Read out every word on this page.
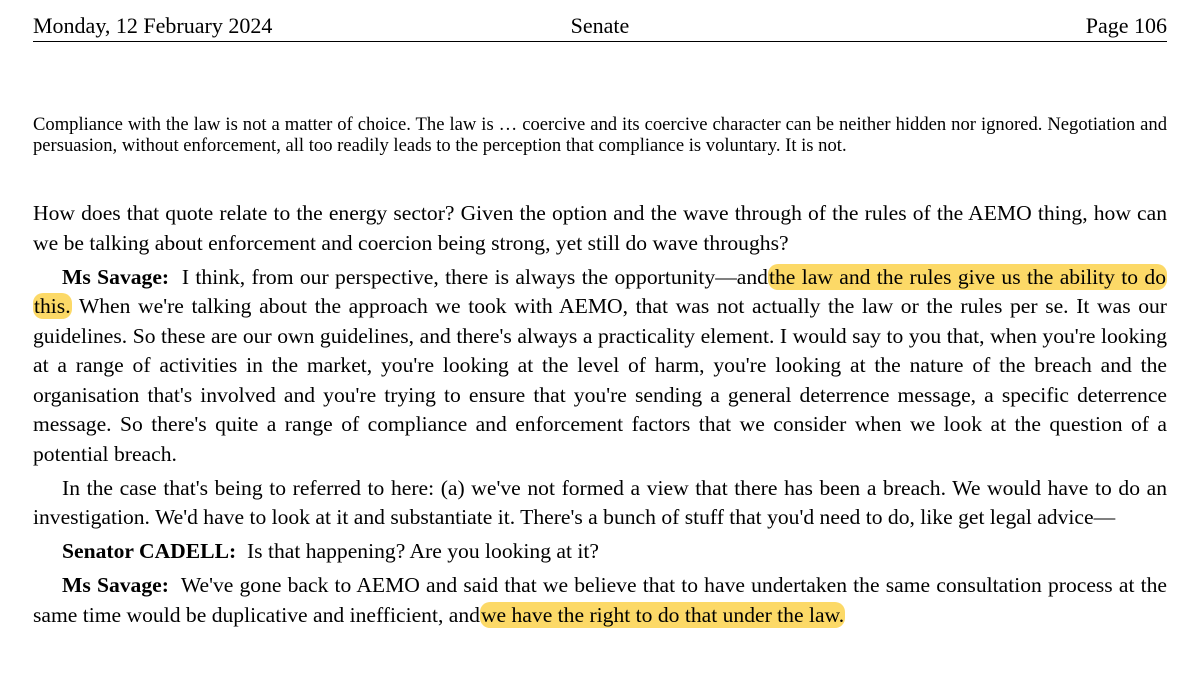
Monday, 12 February 2024	Senate	Page 106

Compliance with the law is not a matter of choice. The law is … coercive and its coercive character can be neither hidden nor ignored. Negotiation and persuasion, without enforcement, all too readily leads to the perception that compliance is voluntary. It is not.

How does that quote relate to the energy sector? Given the option and the wave through of the rules of the AEMO thing, how can we be talking about enforcement and coercion being strong, yet still do wave throughs?

Ms Savage: I think, from our perspective, there is always the opportunity—andthe law and the rules give us the ability to do this. When we're talking about the approach we took with AEMO, that was not actually the law or the rules per se. It was our guidelines. So these are our own guidelines, and there's always a practicality element. I would say to you that, when you're looking at a range of activities in the market, you're looking at the level of harm, you're looking at the nature of the breach and the organisation that's involved and you're trying to ensure that you're sending a general deterrence message, a specific deterrence message. So there's quite a range of compliance and enforcement factors that we consider when we look at the question of a potential breach.

In the case that's being to referred to here: (a) we've not formed a view that there has been a breach. We would have to do an investigation. We'd have to look at it and substantiate it. There's a bunch of stuff that you'd need to do, like get legal advice—

Senator CADELL: Is that happening? Are you looking at it?

Ms Savage: We've gone back to AEMO and said that we believe that to have undertaken the same consultation process at the same time would be duplicative and inefficient, andwe have the right to do that under the law.
